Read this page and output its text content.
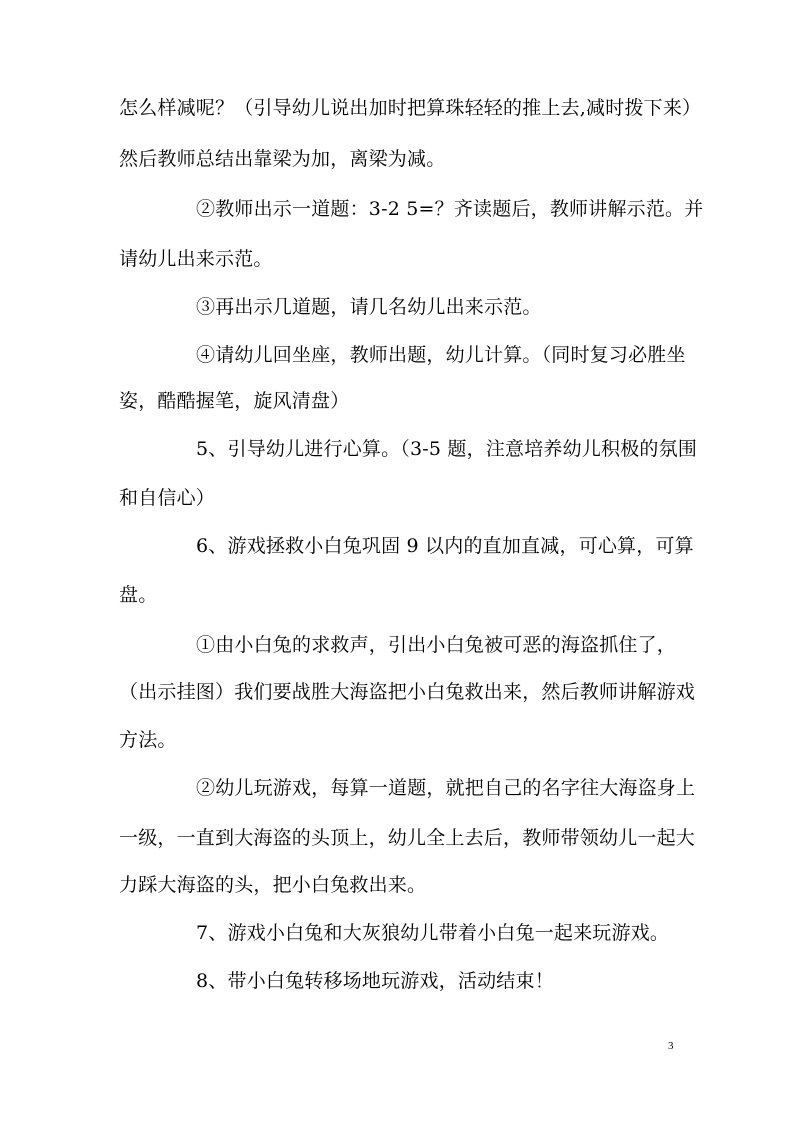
怎么样减呢？（引导幼儿说出加时把算珠轻轻的推上去,减时拨下来）
然后教师总结出靠梁为加，离梁为减。
②教师出示一道题：3-2 5=？齐读题后，教师讲解示范。并
请幼儿出来示范。
③再出示几道题，请几名幼儿出来示范。
④请幼儿回坐座，教师出题，幼儿计算。（同时复习必胜坐
姿，酷酷握笔，旋风清盘）
5、引导幼儿进行心算。（3-5 题，注意培养幼儿积极的氛围
和自信心）
6、游戏拯救小白兔巩固 9 以内的直加直减，可心算，可算
盘。
①由小白兔的求救声，引出小白兔被可恶的海盗抓住了，
（出示挂图）我们要战胜大海盗把小白兔救出来，然后教师讲解游戏
方法。
②幼儿玩游戏，每算一道题，就把自己的名字往大海盗身上
一级，一直到大海盗的头顶上，幼儿全上去后，教师带领幼儿一起大
力踩大海盗的头，把小白兔救出来。
7、游戏小白兔和大灰狼幼儿带着小白兔一起来玩游戏。
8、带小白兔转移场地玩游戏，活动结束！
3
